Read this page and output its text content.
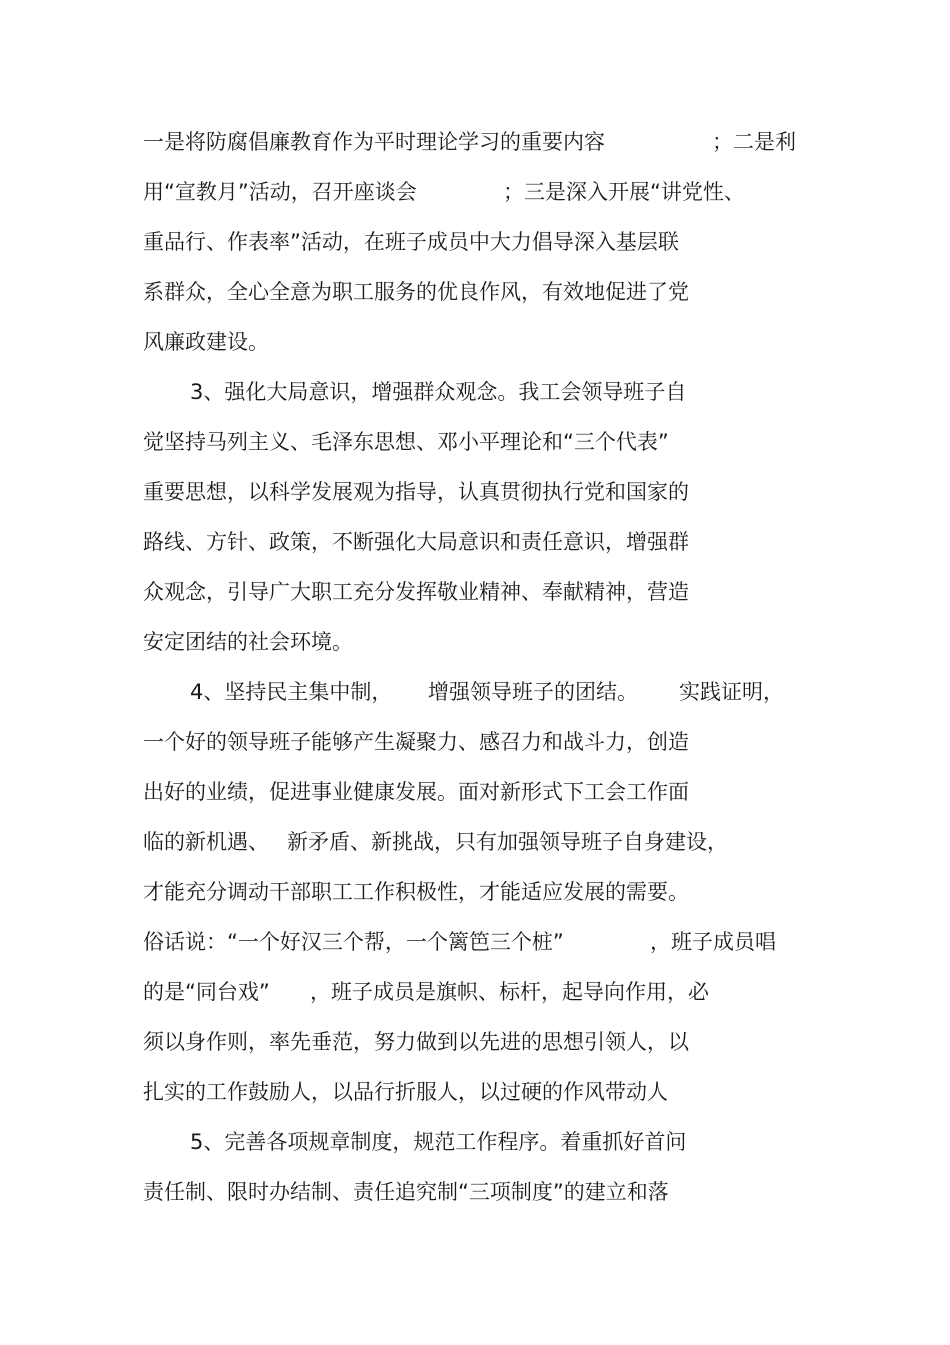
一是将防腐倡廉教育作为平时理论学习的重要内容

	；二是利

用“宣教月”活动，召开座谈会

	；三是深入开展“讲党性、

重品行、作表率”活动，在班子成员中大力倡导深入基层联

系群众，全心全意为职工服务的优良作风，有效地促进了党

风廉政建设。

3、强化大局意识，增强群众观念。我工会领导班子自

觉坚持马列主义、毛泽东思想、邓小平理论和“三个代表”

重要思想，以科学发展观为指导，认真贯彻执行党和国家的

路线、方针、政策，不断强化大局意识和责任意识，增强群

众观念，引导广大职工充分发挥敬业精神、奉献精神，营造

安定团结的社会环境。

4、坚持民主集中制，

增强领导班子的团结。

实践证明，

一个好的领导班子能够产生凝聚力、感召力和战斗力，创造

出好的业绩，促进事业健康发展。面对新形式下工会工作面

临的新机遇、

新矛盾、新挑战，只有加强领导班子自身建设，

才能充分调动干部职工工作积极性，才能适应发展的需要。

俗话说：“一个好汉三个帮，一个篱笆三个桩”

	，班子成员唱

的是“同台戏”

，班子成员是旗帜、标杆，起导向作用，必

须以身作则，率先垂范，努力做到以先进的思想引领人，以

扎实的工作鼓励人，以品行折服人，以过硬的作风带动人

5、完善各项规章制度，规范工作程序。着重抓好首问

责任制、限时办结制、责任追究制“三项制度”的建立和落
